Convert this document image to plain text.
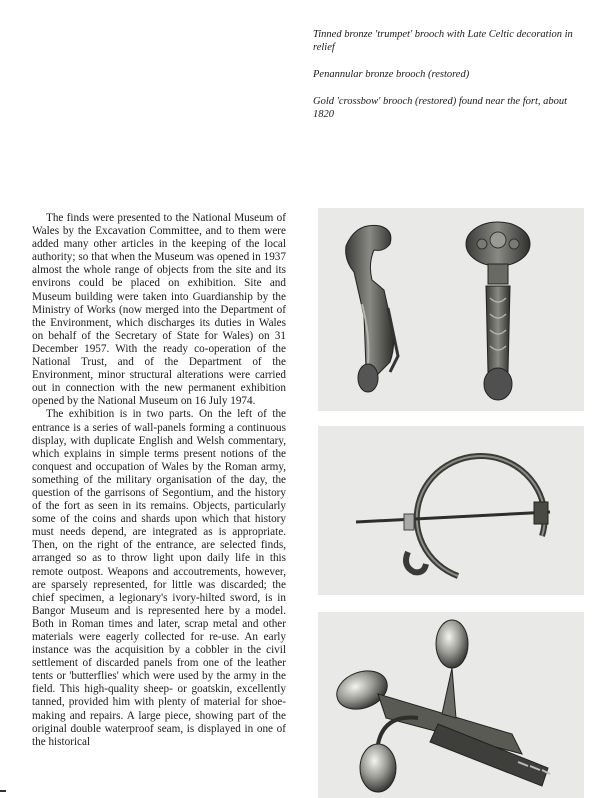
Tinned bronze 'trumpet' brooch with Late Celtic decoration in relief

Penannular bronze brooch (restored)

Gold 'crossbow' brooch (restored) found near the fort, about 1820

The finds were presented to the National Museum of Wales by the Excavation Committee, and to them were added many other articles in the keeping of the local authority; so that when the Museum was opened in 1937 almost the whole range of objects from the site and its environs could be placed on exhibition. Site and Museum building were taken into Guardianship by the Ministry of Works (now merged into the Department of the Environment, which discharges its duties in Wales on behalf of the Secretary of State for Wales) on 31 December 1957. With the ready co-operation of the National Trust, and of the Department of the Environment, minor structural alterations were carried out in connection with the new permanent exhibition opened by the National Museum on 16 July 1974.

The exhibition is in two parts. On the left of the entrance is a series of wall-panels forming a continuous display, with duplicate English and Welsh commentary, which explains in simple terms present notions of the conquest and occupation of Wales by the Roman army, something of the military organisation of the day, the question of the garrisons of Segontium, and the history of the fort as seen in its remains. Objects, particularly some of the coins and shards upon which that history must needs depend, are integrated as is appropriate. Then, on the right of the entrance, are selected finds, arranged so as to throw light upon daily life in this remote outpost. Weapons and accoutrements, however, are sparsely represented, for little was discarded; the chief specimen, a legionary's ivory-hilted sword, is in Bangor Museum and is represented here by a model. Both in Roman times and later, scrap metal and other materials were eagerly collected for re-use. An early instance was the acquisition by a cobbler in the civil settlement of discarded panels from one of the leather tents or 'butterflies' which were used by the army in the field. This high-quality sheep- or goatskin, excellently tanned, provided him with plenty of material for shoe-making and repairs. A large piece, showing part of the original double waterproof seam, is displayed in one of the historical
